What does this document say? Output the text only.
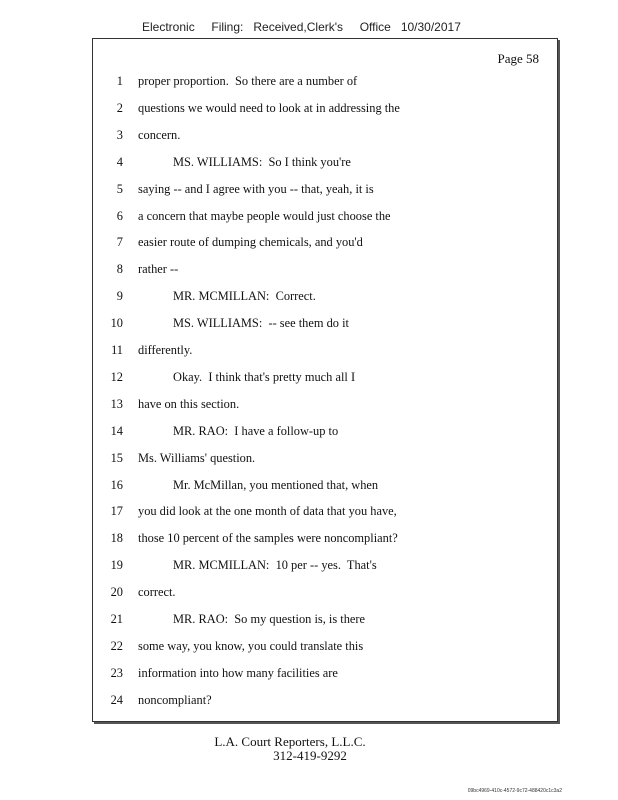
Electronic     Filing:   Received,Clerk's     Office   10/30/2017
Page 58
1 proper proportion.  So there are a number of
2 questions we would need to look at in addressing the
3 concern.
4	MS. WILLIAMS:  So I think you're
5 saying -- and I agree with you -- that, yeah, it is
6 a concern that maybe people would just choose the
7 easier route of dumping chemicals, and you'd
8 rather --
9	MR. MCMILLAN:  Correct.
10	MS. WILLIAMS:  -- see them do it
11 differently.
12	Okay.  I think that's pretty much all I
13 have on this section.
14	MR. RAO:  I have a follow-up to
15 Ms. Williams' question.
16	Mr. McMillan, you mentioned that, when
17 you did look at the one month of data that you have,
18 those 10 percent of the samples were noncompliant?
19	MR. MCMILLAN:  10 per -- yes.  That's
20 correct.
21	MR. RAO:  So my question is, is there
22 some way, you know, you could translate this
23 information into how many facilities are
24 noncompliant?
L.A. Court Reporters, L.L.C.
312-419-9292
09bc4969-410c-4572-9c72-488420c1c3a2
